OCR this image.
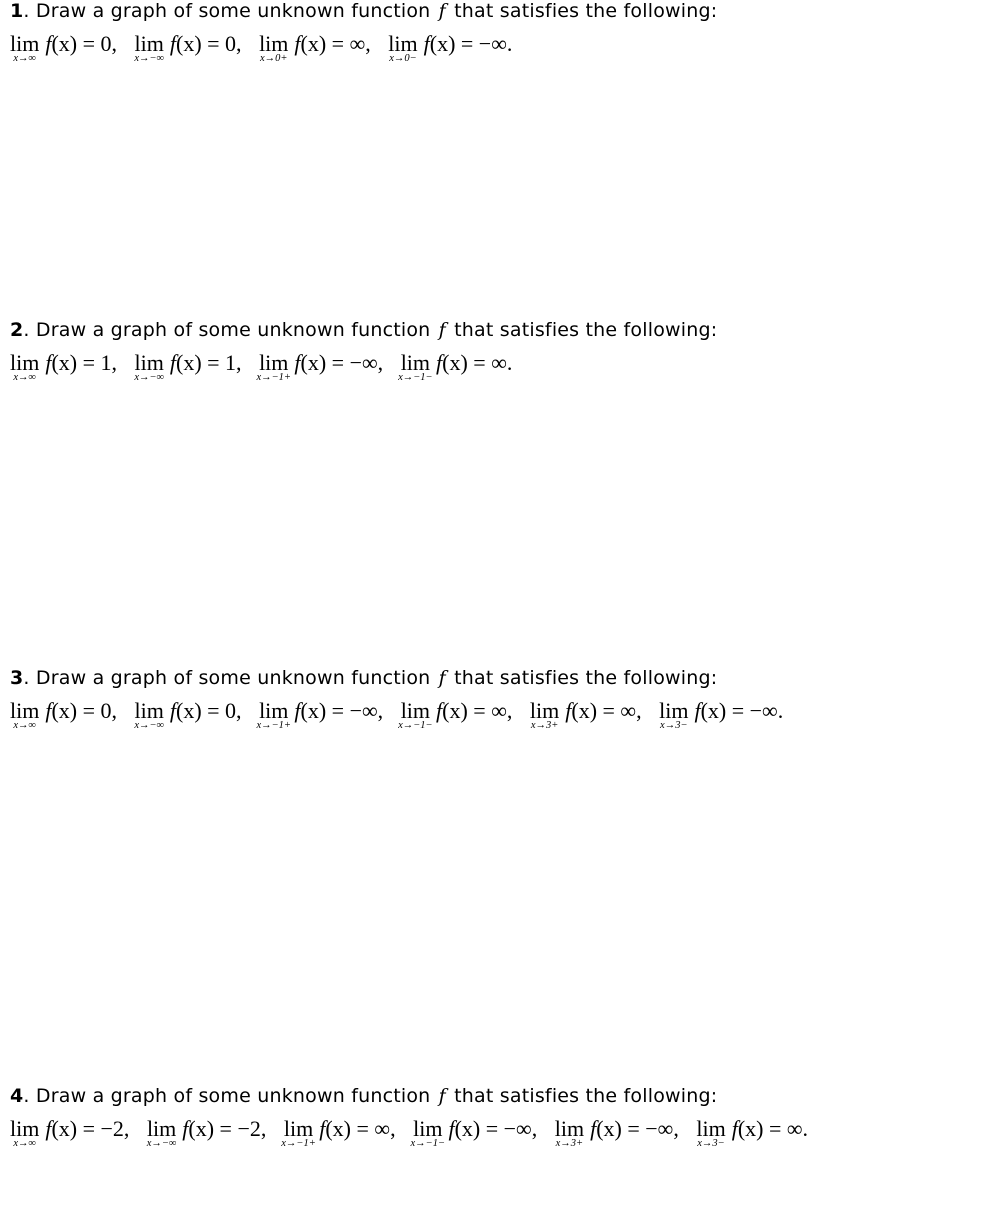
1. Draw a graph of some unknown function f that satisfies the following:
lim
x→∞
f(x) = 0, lim
x→−∞
f(x) = 0, lim
x→0+
f(x) = ∞, lim
x→0−
f(x) = −∞.
2. Draw a graph of some unknown function f that satisfies the following:
lim
x→∞
f(x) = 1, lim
x→−∞
f(x) = 1, lim
x→−1+
f(x) = −∞, lim
x→−1−
f(x) = ∞.
3. Draw a graph of some unknown function f that satisfies the following:
lim
x→∞
f(x) = 0, lim
x→−∞
f(x) = 0, lim
x→−1+
f(x) = −∞, lim
x→−1−
f(x) = ∞, lim
x→3+
f(x) = ∞, lim
x→3−
f(x) = −∞.
4. Draw a graph of some unknown function f that satisfies the following:
lim
x→∞
f(x) = −2, lim
x→−∞
f(x) = −2, lim
x→−1+
f(x) = ∞, lim
x→−1−
f(x) = −∞, lim
x→3+
f(x) = −∞, lim
x→3−
f(x) = ∞.
